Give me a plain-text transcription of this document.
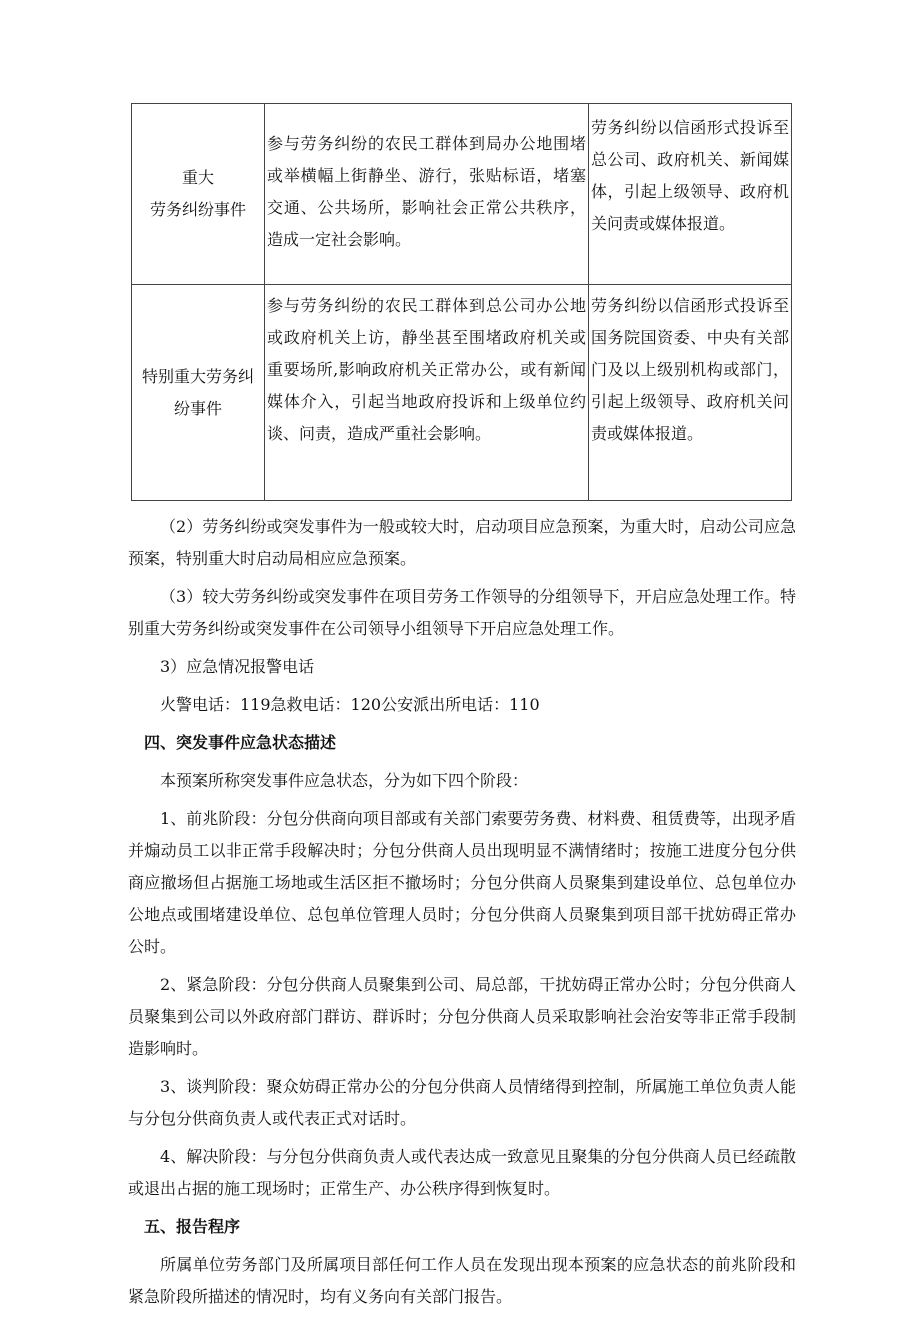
重大
劳务纠纷事件	参与劳务纠纷的农民工群体到局办公地围堵或举横幅上街静坐、游行，张贴标语，堵塞交通、公共场所，影响社会正常公共秩序，造成一定社会影响。	劳务纠纷以信函形式投诉至总公司、政府机关、新闻媒体，引起上级领导、政府机关问责或媒体报道。

特别重大劳务纠
纷事件	参与劳务纠纷的农民工群体到总公司办公地或政府机关上访，静坐甚至围堵政府机关或重要场所,影响政府机关正常办公，或有新闻媒体介入，引起当地政府投诉和上级单位约谈、问责，造成严重社会影响。	劳务纠纷以信函形式投诉至国务院国资委、中央有关部门及以上级别机构或部门，引起上级领导、政府机关问责或媒体报道。

（2）劳务纠纷或突发事件为一般或较大时，启动项目应急预案，为重大时，启动公司应急预案，特别重大时启动局相应应急预案。

（3）较大劳务纠纷或突发事件在项目劳务工作领导的分组领导下，开启应急处理工作。特别重大劳务纠纷或突发事件在公司领导小组领导下开启应急处理工作。

3）应急情况报警电话

火警电话：119急救电话：120公安派出所电话：110

四、突发事件应急状态描述

本预案所称突发事件应急状态，分为如下四个阶段：

1、前兆阶段：分包分供商向项目部或有关部门索要劳务费、材料费、租赁费等，出现矛盾并煽动员工以非正常手段解决时；分包分供商人员出现明显不满情绪时；按施工进度分包分供商应撤场但占据施工场地或生活区拒不撤场时；分包分供商人员聚集到建设单位、总包单位办公地点或围堵建设单位、总包单位管理人员时；分包分供商人员聚集到项目部干扰妨碍正常办公时。

2、紧急阶段：分包分供商人员聚集到公司、局总部，干扰妨碍正常办公时；分包分供商人员聚集到公司以外政府部门群访、群诉时；分包分供商人员采取影响社会治安等非正常手段制造影响时。

3、谈判阶段：聚众妨碍正常办公的分包分供商人员情绪得到控制，所属施工单位负责人能与分包分供商负责人或代表正式对话时。

4、解决阶段：与分包分供商负责人或代表达成一致意见且聚集的分包分供商人员已经疏散或退出占据的施工现场时；正常生产、办公秩序得到恢复时。

五、报告程序

所属单位劳务部门及所属项目部任何工作人员在发现出现本预案的应急状态的前兆阶段和紧急阶段所描述的情况时，均有义务向有关部门报告。
